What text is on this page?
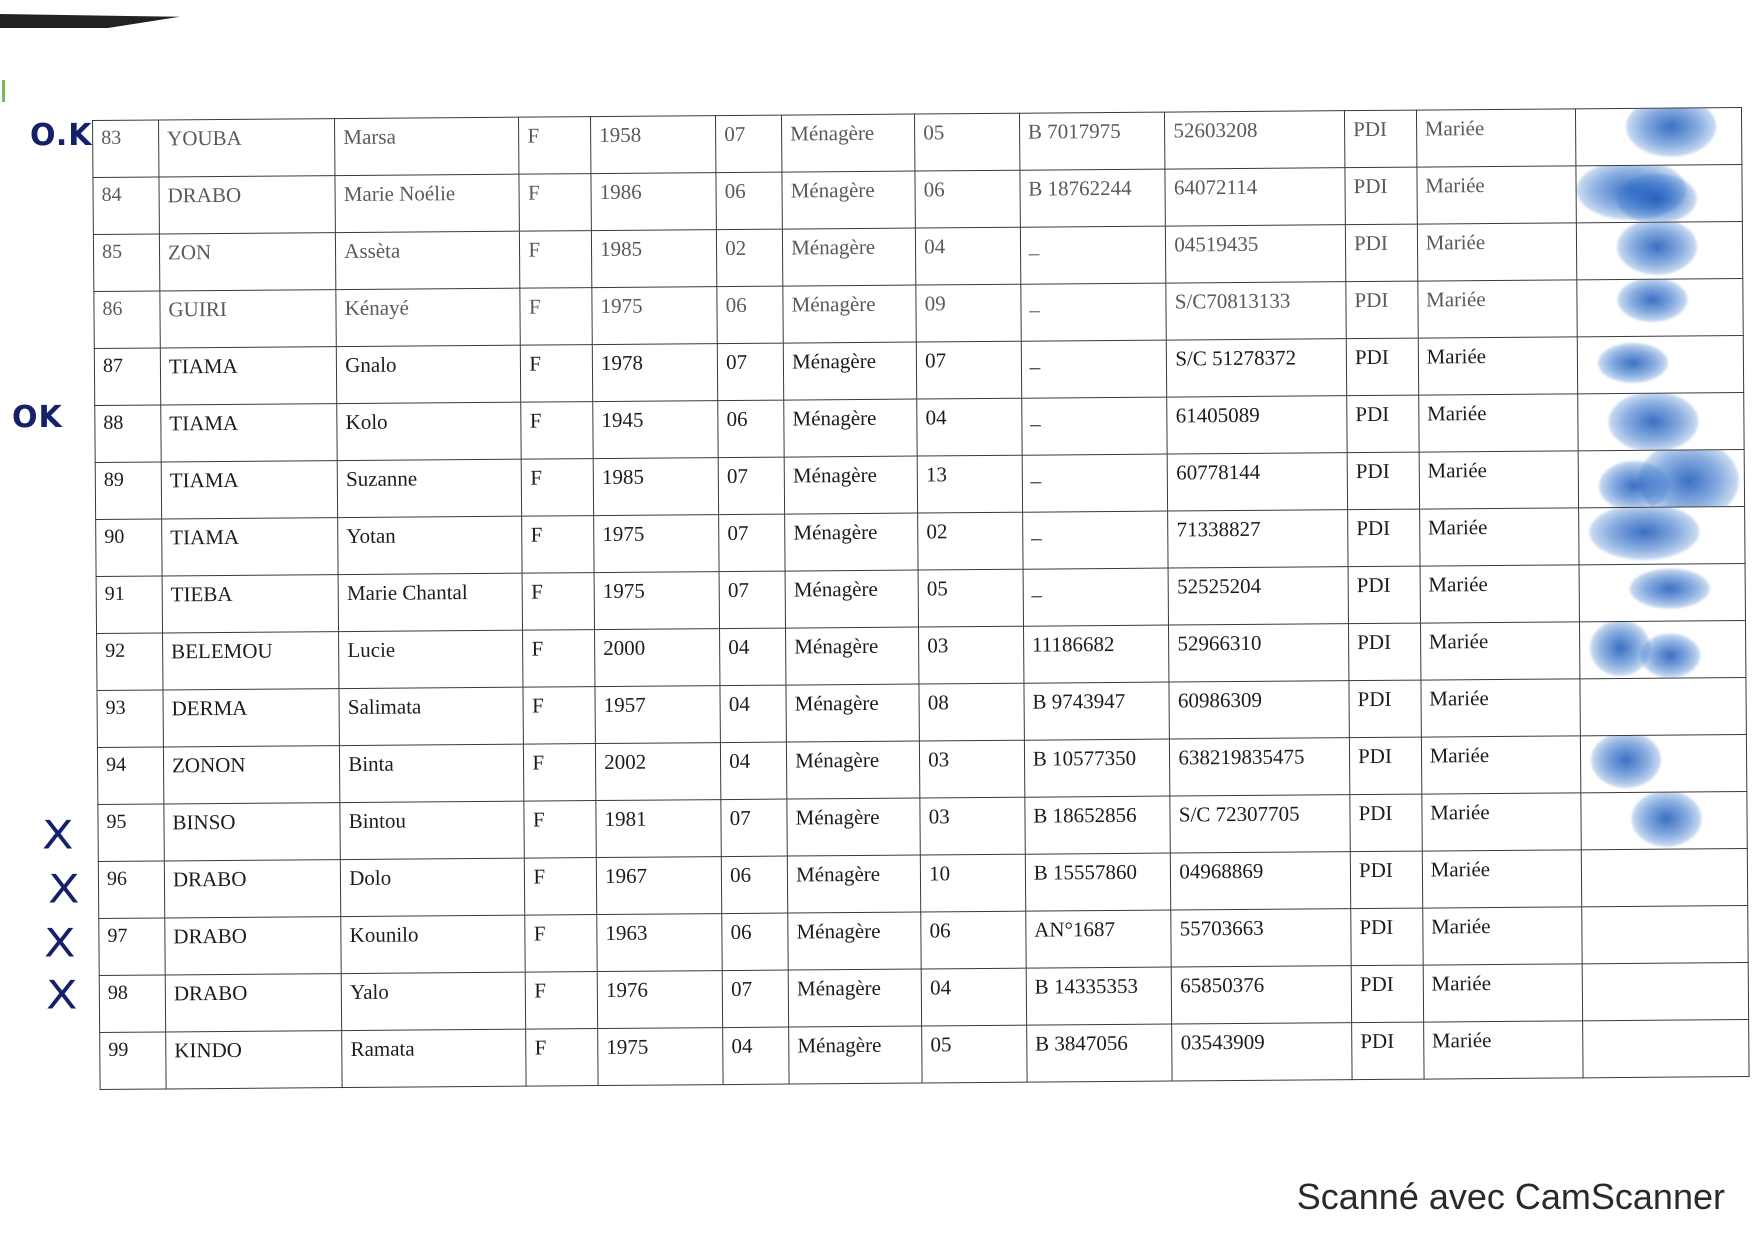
83	YOUBA	Marsa	F	1958	07	Ménagère	05	B 7017975	52603208	PDI	Mariée	

84	DRABO	Marie Noélie	F	1986	06	Ménagère	06	B 18762244	64072114	PDI	Mariée	

85	ZON	Assèta	F	1985	02	Ménagère	04	_	04519435	PDI	Mariée	

86	GUIRI	Kénayé	F	1975	06	Ménagère	09	_	S/C70813133	PDI	Mariée	

87	TIAMA	Gnalo	F	1978	07	Ménagère	07	_	S/C 51278372	PDI	Mariée	

88	TIAMA	Kolo	F	1945	06	Ménagère	04	_	61405089	PDI	Mariée	

89	TIAMA	Suzanne	F	1985	07	Ménagère	13	_	60778144	PDI	Mariée	

90	TIAMA	Yotan	F	1975	07	Ménagère	02	_	71338827	PDI	Mariée	

91	TIEBA	Marie Chantal	F	1975	07	Ménagère	05	_	52525204	PDI	Mariée	

92	BELEMOU	Lucie	F	2000	04	Ménagère	03	11186682	52966310	PDI	Mariée	

93	DERMA	Salimata	F	1957	04	Ménagère	08	B 9743947	60986309	PDI	Mariée	
94	ZONON	Binta	F	2002	04	Ménagère	03	B 10577350	638219835475	PDI	Mariée	

95	BINSO	Bintou	F	1981	07	Ménagère	03	B 18652856	S/C 72307705	PDI	Mariée	

96	DRABO	Dolo	F	1967	06	Ménagère	10	B 15557860	04968869	PDI	Mariée	
97	DRABO	Kounilo	F	1963	06	Ménagère	06	AN°1687	55703663	PDI	Mariée	
98	DRABO	Yalo	F	1976	07	Ménagère	04	B 14335353	65850376	PDI	Mariée	
99	KINDO	Ramata	F	1975	04	Ménagère	05	B 3847056	03543909	PDI	Mariée	
O.K
OK
X
X
X
X
Scanné avec CamScanner
